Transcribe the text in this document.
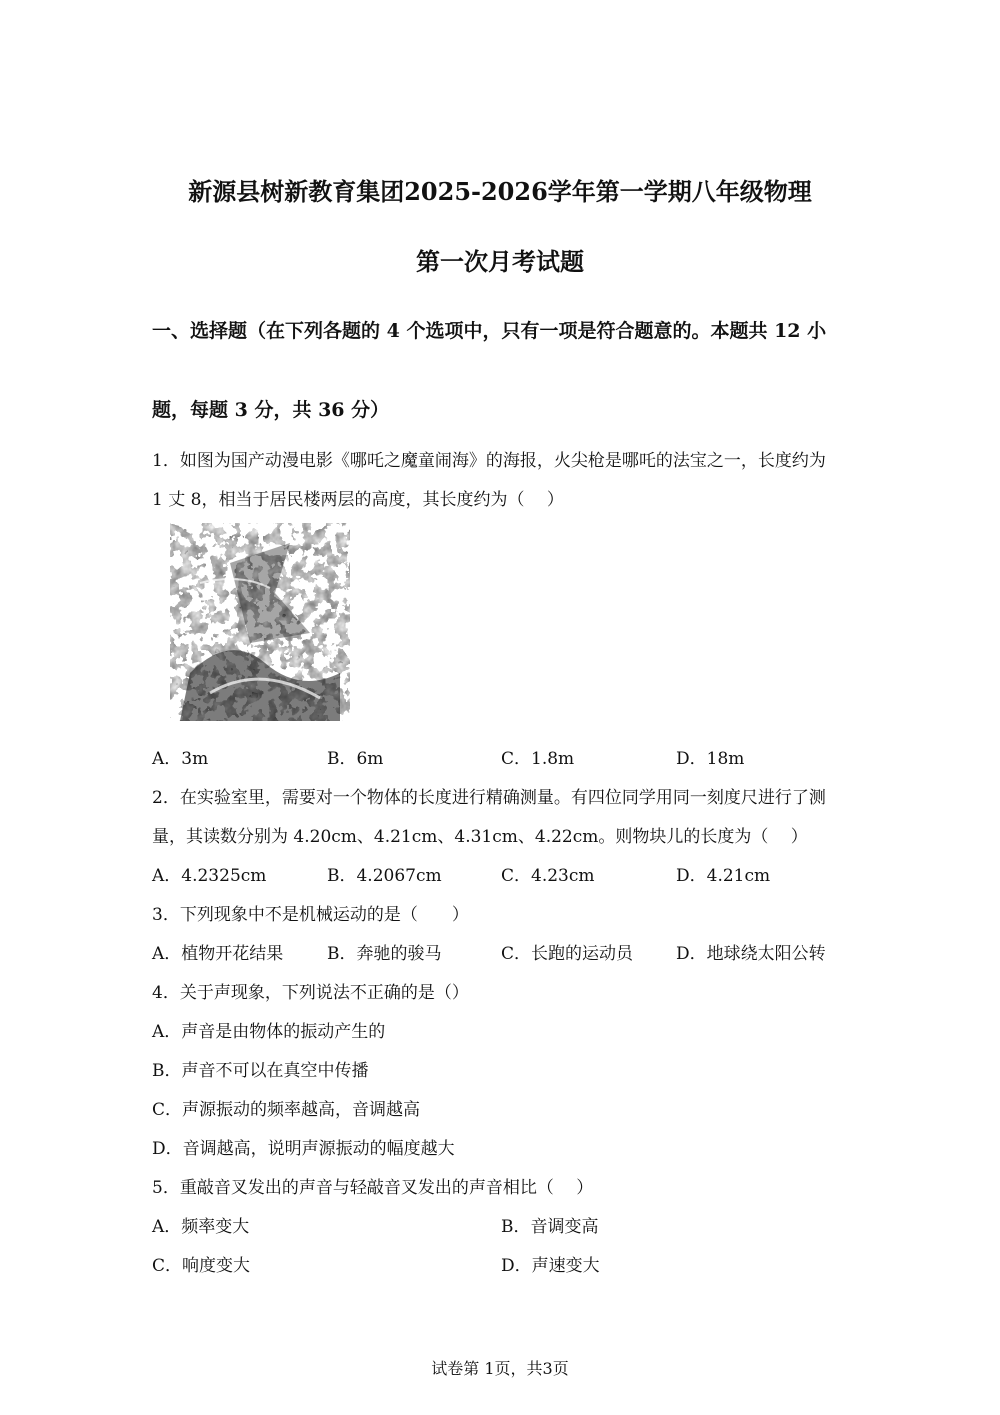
新源县树新教育集团2025-2026学年第一学期八年级物理
第一次月考试题
一、选择题（在下列各题的 4 个选项中，只有一项是符合题意的。本题共 12 小
题，每题 3 分，共 36 分）
1．如图为国产动漫电影《哪吒之魔童闹海》的海报，火尖枪是哪吒的法宝之一，长度约为
1 丈 8，相当于居民楼两层的高度，其长度约为（　 ）
A．3m	B．6m	C．1.8m	D．18m
2．在实验室里，需要对一个物体的长度进行精确测量。有四位同学用同一刻度尺进行了测
量，其读数分别为 4.20cm、4.21cm、4.31cm、4.22cm。则物块儿的长度为（　 ）
A．4.2325cm	B．4.2067cm	C．4.23cm	D．4.21cm
3．下列现象中不是机械运动的是（　　）
A．植物开花结果	B．奔驰的骏马	C．长跑的运动员	D．地球绕太阳公转
4．关于声现象，下列说法不正确的是（）
A．声音是由物体的振动产生的
B．声音不可以在真空中传播
C．声源振动的频率越高，音调越高
D．音调越高，说明声源振动的幅度越大
5．重敲音叉发出的声音与轻敲音叉发出的声音相比（　 ）
A．频率变大	B．音调变高
C．响度变大	D．声速变大
试卷第 1页，共3页
